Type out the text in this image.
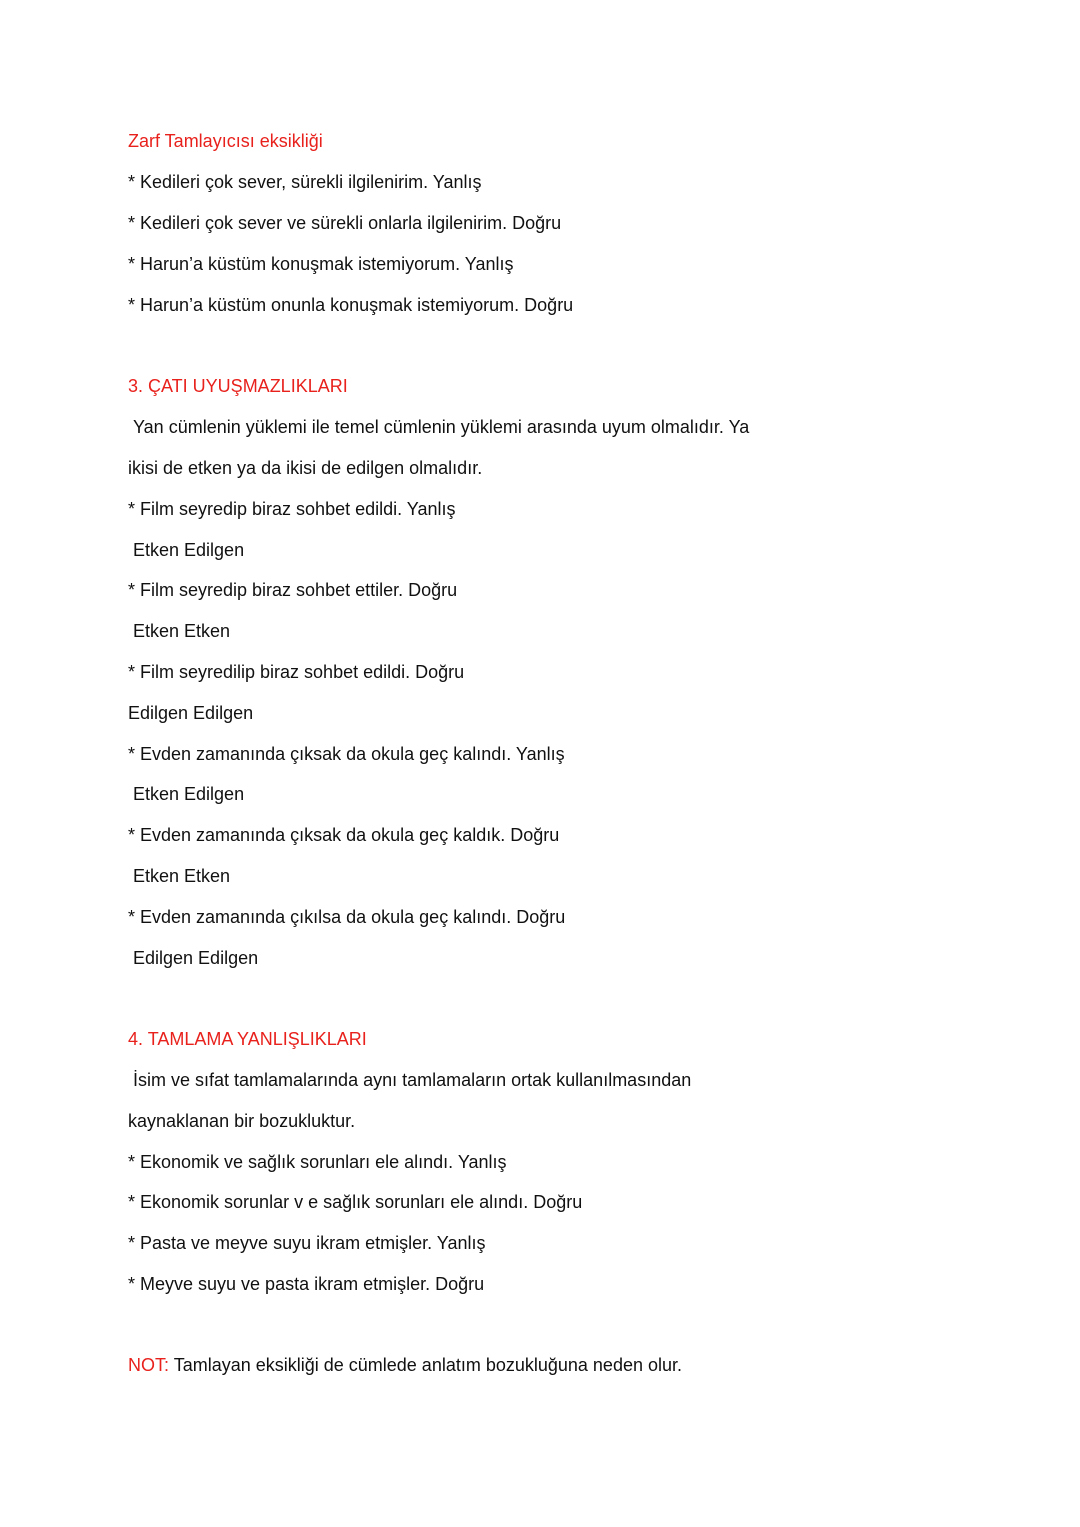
Zarf Tamlayıcısı eksikliği
* Kedileri çok sever, sürekli ilgilenirim. Yanlış
* Kedileri çok sever ve sürekli onlarla ilgilenirim. Doğru
* Harun’a küstüm konuşmak istemiyorum. Yanlış
* Harun’a küstüm onunla konuşmak istemiyorum. Doğru
3. ÇATI UYUŞMAZLIKLARI
Yan cümlenin yüklemi ile temel cümlenin yüklemi arasında uyum olmalıdır. Ya
ikisi de etken ya da ikisi de edilgen olmalıdır.
* Film seyredip biraz sohbet edildi. Yanlış
Etken Edilgen
* Film seyredip biraz sohbet ettiler. Doğru
Etken Etken
* Film seyredilip biraz sohbet edildi. Doğru
Edilgen Edilgen
* Evden zamanında çıksak da okula geç kalındı. Yanlış
Etken Edilgen
* Evden zamanında çıksak da okula geç kaldık. Doğru
Etken Etken
* Evden zamanında çıkılsa da okula geç kalındı. Doğru
Edilgen Edilgen
4. TAMLAMA YANLIŞLIKLARI
İsim ve sıfat tamlamalarında aynı tamlamaların ortak kullanılmasından
kaynaklanan bir bozukluktur.
* Ekonomik ve sağlık sorunları ele alındı. Yanlış
* Ekonomik sorunlar v e sağlık sorunları ele alındı. Doğru
* Pasta ve meyve suyu ikram etmişler. Yanlış
* Meyve suyu ve pasta ikram etmişler. Doğru
NOT: Tamlayan eksikliği de cümlede anlatım bozukluğuna neden olur.
